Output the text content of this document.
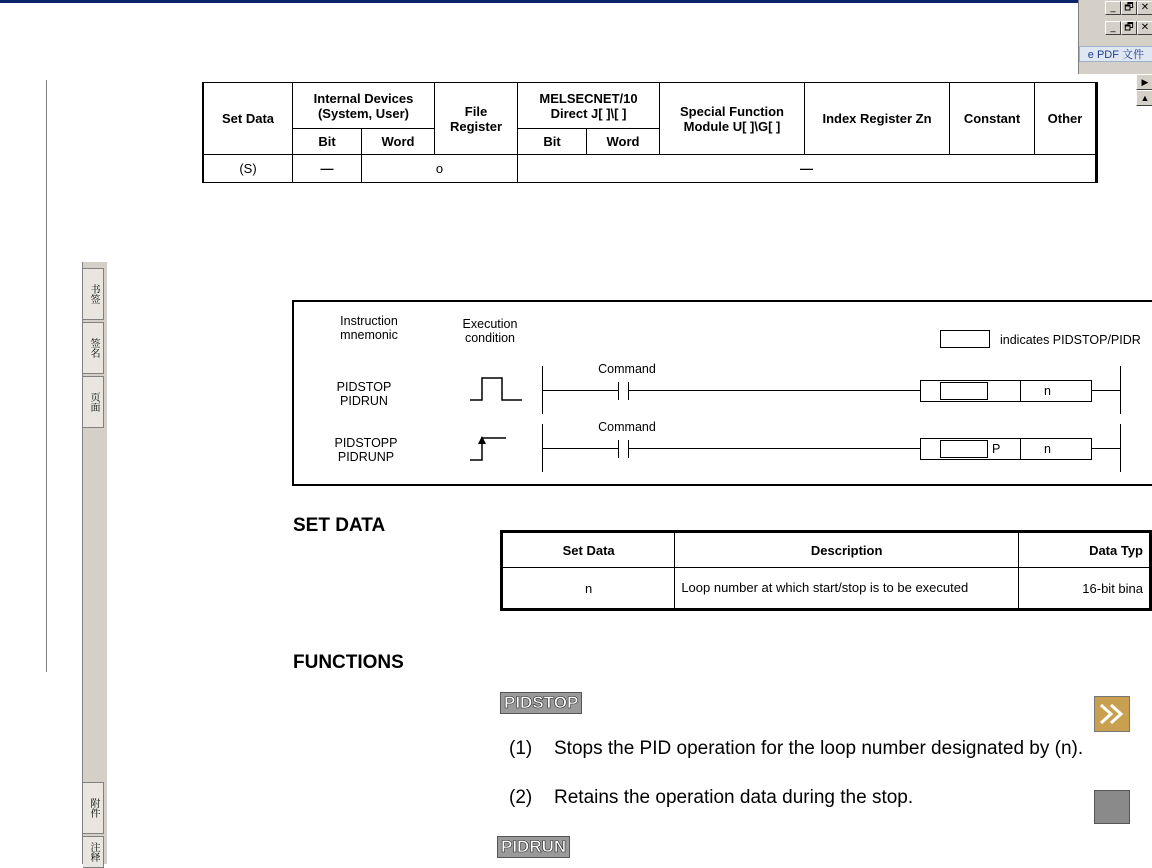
_ 🗗 ✕
_ 🗗 ✕
e PDF 文件
▶
▲
书签
签名
页面
附件
注释
Set Data	Internal Devices (System, User)		File Register	MELSECNET/10 Direct J[ ]\[ ]		Special Function Module U[ ]\G[ ]	Index Register Zn	Constant	Other
	Bit	Word		Bit	Word				
(S)	—	o		—					
Instruction mnemonic
Execution condition	indicates PIDSTOP/PIDR
PIDSTOP
PIDRUN
Command
n
PIDSTOPP
PIDRUNP
Command
P	n
SET DATA
Set Data	Description	Data Typ
n	Loop number at which start/stop is to be executed	16-bit bina
FUNCTIONS
PIDSTOP
(1) Stops the PID operation for the loop number designated by (n).
(2) Retains the operation data during the stop.
PIDRUN
